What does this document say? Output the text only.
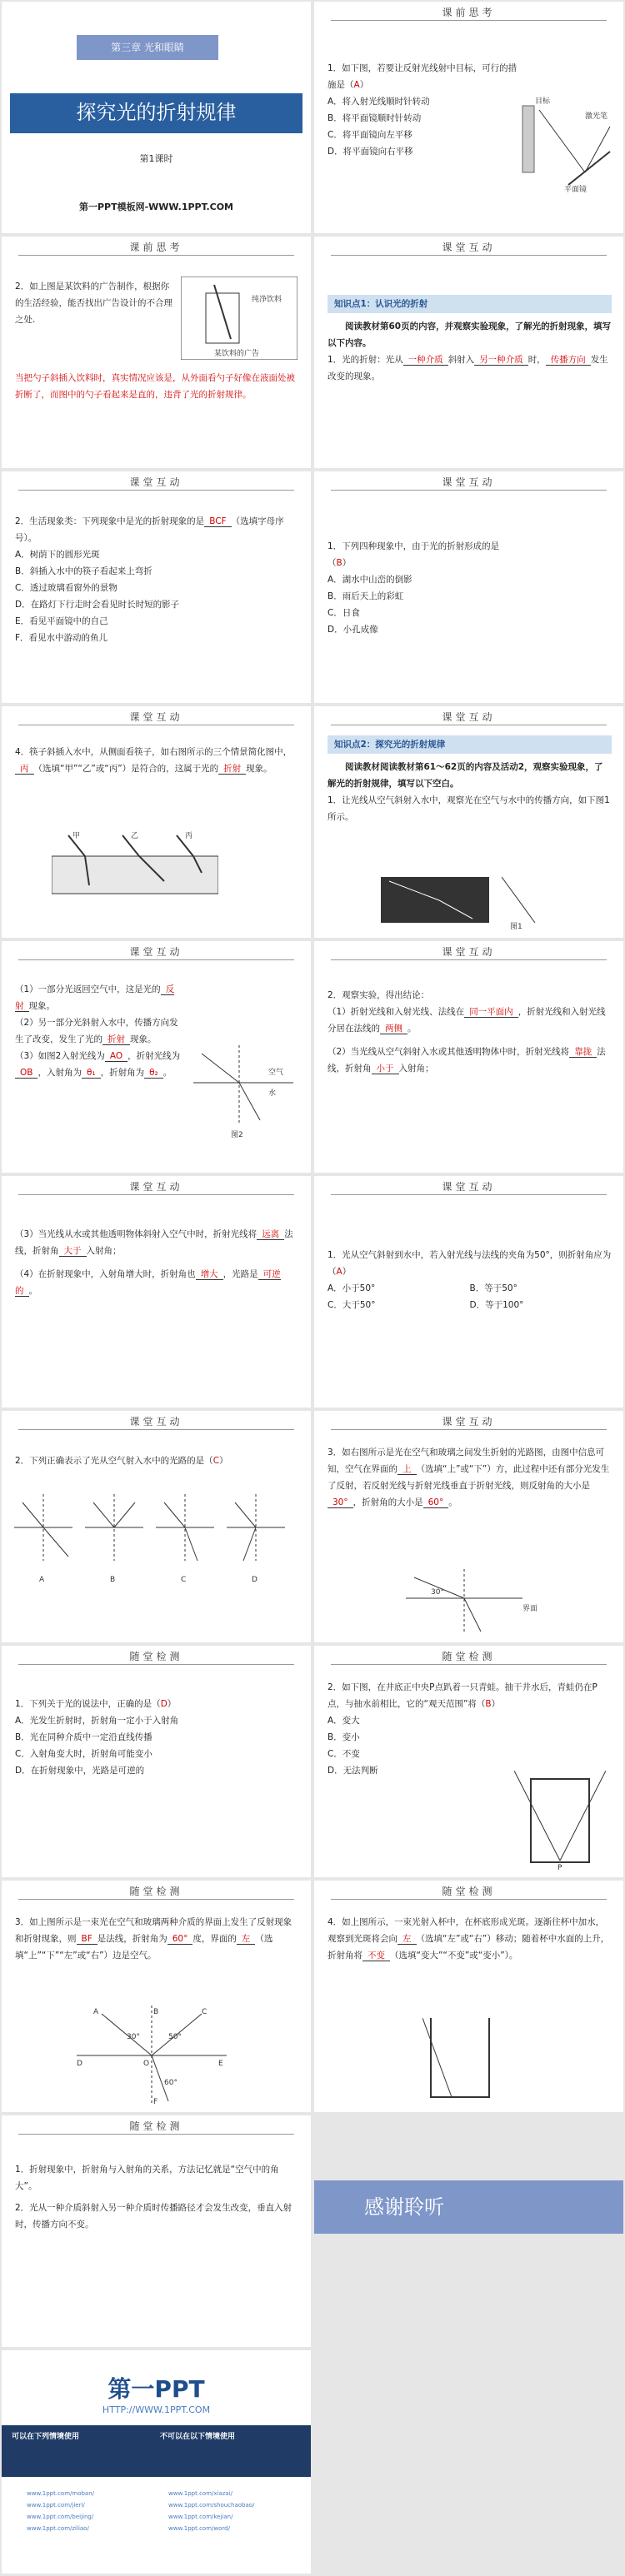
第三章 光和眼睛
探究光的折射规律
第1课时
第一PPT模板网-WWW.1PPT.COM
课前思考
1．如下图，若要让反射光线射中目标，可行的措施是（A）
A．将入射光线顺时针转动
B．将平面镜顺时针转动
C．将平面镜向左平移
D．将平面镜向右平移
目标
激光笔
平面镜
课前思考
2．如上图是某饮料的广告制作，根据你的生活经验，能否找出广告设计的不合理之处.
纯净饮料
某饮料的广告
当把勺子斜插入饮料时，真实情况应该是，从外面看勺子好像在液面处被折断了，而图中的勺子看起来是直的，违背了光的折射规律。
课堂互动
知识点1：认识光的折射
阅读教材第60页的内容，并观察实验现象，了解光的折射现象，填写以下内容。
1．光的折射：光从 一种介质 斜射入 另一种介质 时， 传播方向 发生改变的现象。
课堂互动
2．生活现象类：下列现象中是光的折射现象的是 BCF （选填字母序号）。
A．树荫下的圆形光斑
B．斜插入水中的筷子看起来上弯折
C．透过玻璃看窗外的景物
D．在路灯下行走时会看见时长时短的影子
E．看见平面镜中的自己
F．看见水中游动的鱼儿
课堂互动
1．下列四种现象中，由于光的折射形成的是
（B）
A．湖水中山峦的倒影
B．雨后天上的彩虹
C．日食
D．小孔成像
课堂互动
4．筷子斜插入水中，从侧面看筷子，如右图所示的三个情景简化图中，丙 （选填“甲”“乙”或“丙”）是符合的，这属于光的 折射 现象。
甲	乙	丙
课堂互动
知识点2：探究光的折射规律
阅读教材阅读教材第61～62页的内容及活动2，观察实验现象，了解光的折射规律，填写以下空白。
1．让光线从空气斜射入水中，观察光在空气与水中的传播方向，如下图1所示。
图1
课堂互动
（1）一部分光返回空气中，这是光的 反射 现象。
（2）另一部分光斜射入水中，传播方向发生了改变，发生了光的 折射 现象。
（3）如图2入射光线为 AO ，折射光线为OB ，入射角为 θ₁ ，折射角为 θ₂ 。	空气
水
图2
课堂互动
2．观察实验，得出结论：
（1）折射光线和入射光线、法线在 同一平面内 ，折射光线和入射光线分居在法线的 两侧 。
（2）当光线从空气斜射入水或其他透明物体中时，折射光线将 靠拢 法线，折射角 小于 入射角；
课堂互动
（3）当光线从水或其他透明物体斜射入空气中时，折射光线将 远离 法线，折射角 大于 入射角；
（4）在折射现象中，入射角增大时，折射角也 增大 ，光路是 可逆的 。
课堂互动
1．光从空气斜射到水中，若入射光线与法线的夹角为50°，则折射角应为（A）
A．小于50°	B．等于50°
C．大于50°	D．等于100°
课堂互动
2．下列正确表示了光从空气射入水中的光路的是（C）
A	B	C	D
课堂互动
3．如右图所示是光在空气和玻璃之间发生折射的光路图，由图中信息可知，空气在界面的 上 （选填“上”或“下”）方，此过程中还有部分光发生了反射，若反射光线与折射光线垂直于折射光线，则反射角的大小是30° ，折射角的大小是 60° 。
30°
界面
随堂检测
1．下列关于光的说法中，正确的是（D）
A．光发生折射时，折射角一定小于入射角
B．光在同种介质中一定沿直线传播
C．入射角变大时，折射角可能变小
D．在折射现象中，光路是可逆的
随堂检测
2．如下图，在井底正中央P点趴着一只青蛙。抽干井水后，青蛙仍在P点，与抽水前相比，它的“观天范围”将（B）
A．变大
B．变小
C．不变
D．无法判断
P
随堂检测
3．如上图所示是一束光在空气和玻璃两种介质的界面上发生了反射现象和折射现象，则 BF 是法线，折射角为 60° 度，界面的 左 （选填“上”“下”“左”或“右”）边是空气。
A	B	C
D	E
F
O
30°	50°
60°
随堂检测
4．如上图所示，一束光射入杯中，在杯底形成光斑。逐渐往杯中加水，观察到光斑将会向 左 （选填“左”或“右”）移动；随着杯中水面的上升，折射角将 不变 （选填“变大”“不变”或“变小”）。
随堂检测
1．折射现象中，折射角与入射角的关系，方法记忆就是“空气中的角大”。
2．光从一种介质斜射入另一种介质时传播路径才会发生改变，垂直入射时，传播方向不变。
感谢聆听
第一PPT
HTTP://WWW.1PPT.COM
可以在下列情境使用	不可以在以下情境使用
www.1ppt.com/moban/
www.1ppt.com/jieri/
www.1ppt.com/beijing/
www.1ppt.com/ziliao/
www.1ppt.com/xiazai/
www.1ppt.com/shouchaobao/
www.1ppt.com/kejian/
www.1ppt.com/word/
